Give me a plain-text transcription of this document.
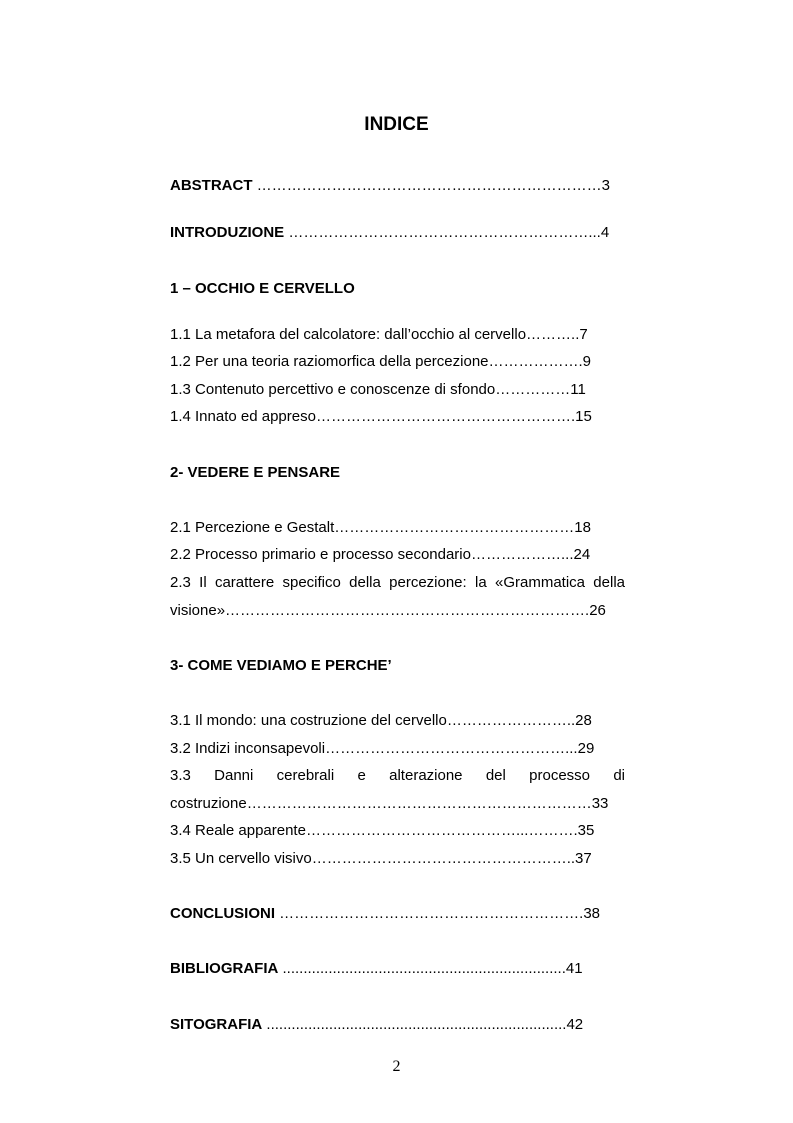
INDICE
ABSTRACT ……………………………………………………………3
INTRODUZIONE ……………………………………………………...4
1 – OCCHIO E CERVELLO
1.1 La metafora del calcolatore: dall’occhio al cervello………..7
1.2 Per una teoria raziomorfica della percezione……………….9
1.3 Contenuto percettivo e conoscenze di sfondo……………11
1.4 Innato ed appreso…………………………………………….15
2- VEDERE E PENSARE
2.1 Percezione e Gestalt…………………………………………18
2.2 Processo primario e processo secondario………………...24
2.3 Il carattere specifico della percezione: la «Grammatica della
visione»……………………………………………………………….26
3- COME VEDIAMO E PERCHE’
3.1 Il mondo: una costruzione del cervello……………………..28
3.2 Indizi inconsapevoli…………………………………………...29
3.3 Danni cerebrali e alterazione del processo di
costruzione……………………………………………………………33
3.4 Reale apparente……………………………………...……….35
3.5 Un cervello visivo……………………………………………..37
CONCLUSIONI …………………………………………………….38
BIBLIOGRAFIA ....................................................................41
SITOGRAFIA ........................................................................42
2
